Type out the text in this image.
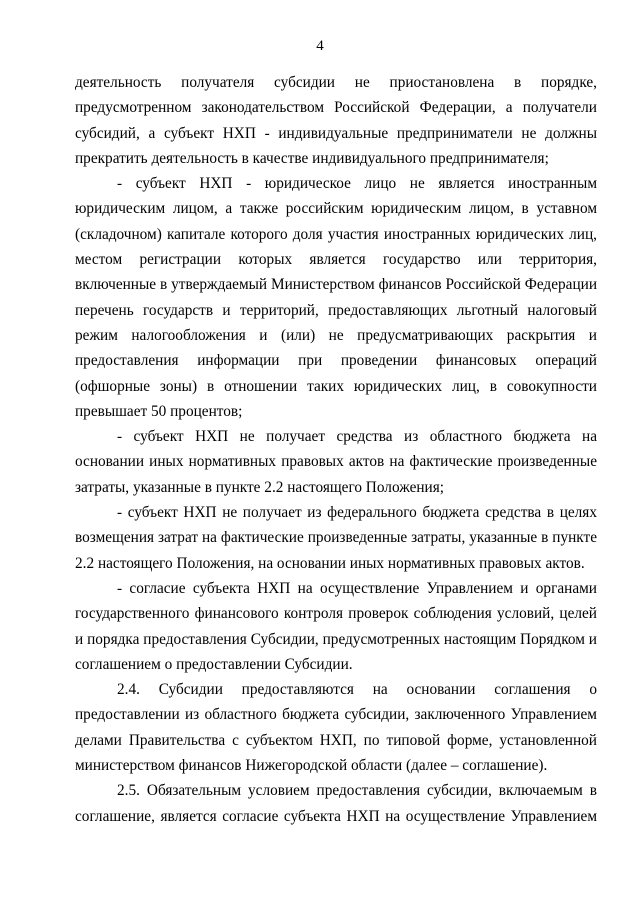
4

деятельность получателя субсидии не приостановлена в порядке, предусмотренном законодательством Российской Федерации, а получатели субсидий, а субъект НХП - индивидуальные предприниматели не должны прекратить деятельность в качестве индивидуального предпринимателя;

- субъект НХП - юридическое лицо не является иностранным юридическим лицом, а также российским юридическим лицом, в уставном (складочном) капитале которого доля участия иностранных юридических лиц, местом регистрации которых является государство или территория, включенные в утверждаемый Министерством финансов Российской Федерации перечень государств и территорий, предоставляющих льготный налоговый режим налогообложения и (или) не предусматривающих раскрытия и предоставления информации при проведении финансовых операций (офшорные зоны) в отношении таких юридических лиц, в совокупности превышает 50 процентов;

- субъект НХП не получает средства из областного бюджета на основании иных нормативных правовых актов на фактические произведенные затраты, указанные в пункте 2.2 настоящего Положения;

- субъект НХП не получает из федерального бюджета средства в целях возмещения затрат на фактические произведенные затраты, указанные в пункте 2.2 настоящего Положения, на основании иных нормативных правовых актов.

- согласие субъекта НХП на осуществление Управлением и органами государственного финансового контроля проверок соблюдения условий, целей и порядка предоставления Субсидии, предусмотренных настоящим Порядком и соглашением о предоставлении Субсидии.

2.4. Субсидии предоставляются на основании соглашения о предоставлении из областного бюджета субсидии, заключенного Управлением делами Правительства с субъектом НХП, по типовой форме, установленной министерством финансов Нижегородской области (далее – соглашение).

2.5. Обязательным условием предоставления субсидии, включаемым в соглашение, является согласие субъекта НХП на осуществление Управлением
